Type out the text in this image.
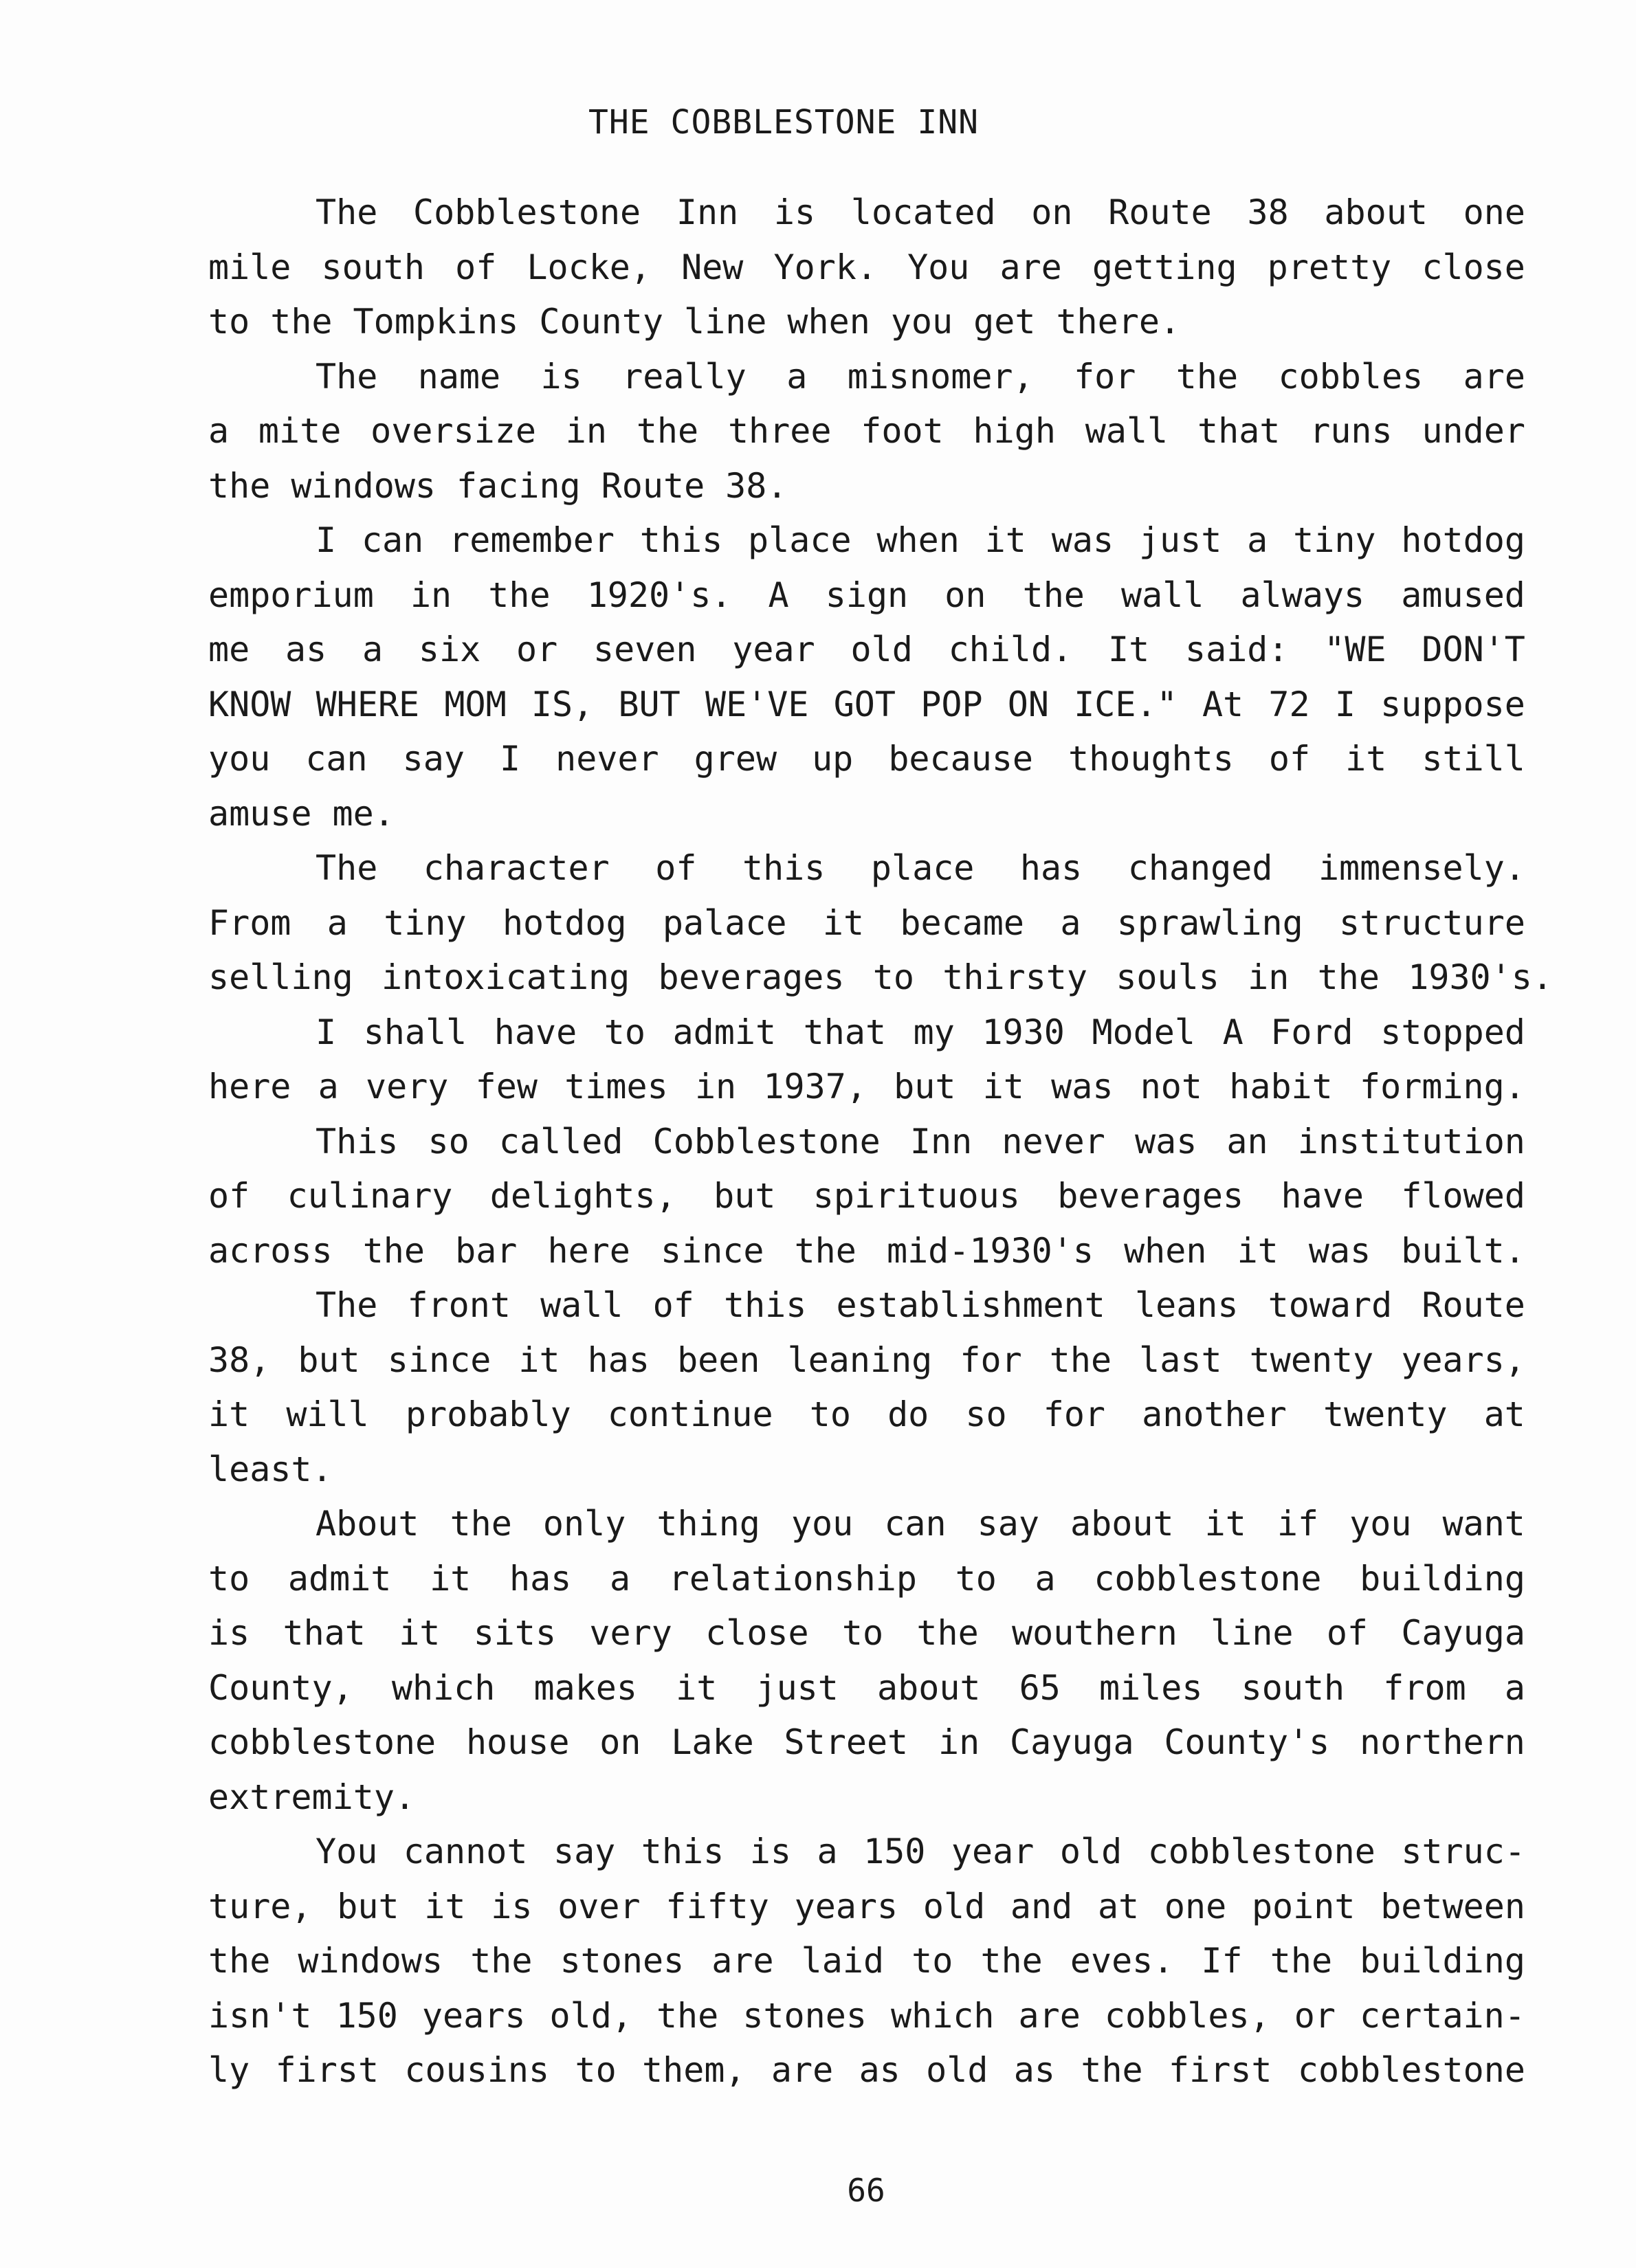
THE COBBLESTONE INN
The Cobblestone Inn is located on Route 38 about one
mile south of Locke, New York. You are getting pretty close
to the Tompkins County line when you get there.
The name is really a misnomer, for the cobbles are
a mite oversize in the three foot high wall that runs under
the windows facing Route 38.
I can remember this place when it was just a tiny hotdog
emporium in the 1920's. A sign on the wall always amused
me as a six or seven year old child. It said: "WE DON'T
KNOW WHERE MOM IS, BUT WE'VE GOT POP ON ICE." At 72 I suppose
you can say I never grew up because thoughts of it still
amuse me.
The character of this place has changed immensely.
From a tiny hotdog palace it became a sprawling structure
selling intoxicating beverages to thirsty souls in the 1930's.
I shall have to admit that my 1930 Model A Ford stopped
here a very few times in 1937, but it was not habit forming.
This so called Cobblestone Inn never was an institution
of culinary delights, but spirituous beverages have flowed
across the bar here since the mid-1930's when it was built.
The front wall of this establishment leans toward Route
38, but since it has been leaning for the last twenty years,
it will probably continue to do so for another twenty at
least.
About the only thing you can say about it if you want
to admit it has a relationship to a cobblestone building
is that it sits very close to the wouthern line of Cayuga
County, which makes it just about 65 miles south from a
cobblestone house on Lake Street in Cayuga County's northern
extremity.
You cannot say this is a 150 year old cobblestone struc-
ture, but it is over fifty years old and at one point between
the windows the stones are laid to the eves. If the building
isn't 150 years old, the stones which are cobbles, or certain-
ly first cousins to them, are as old as the first cobblestone
66
